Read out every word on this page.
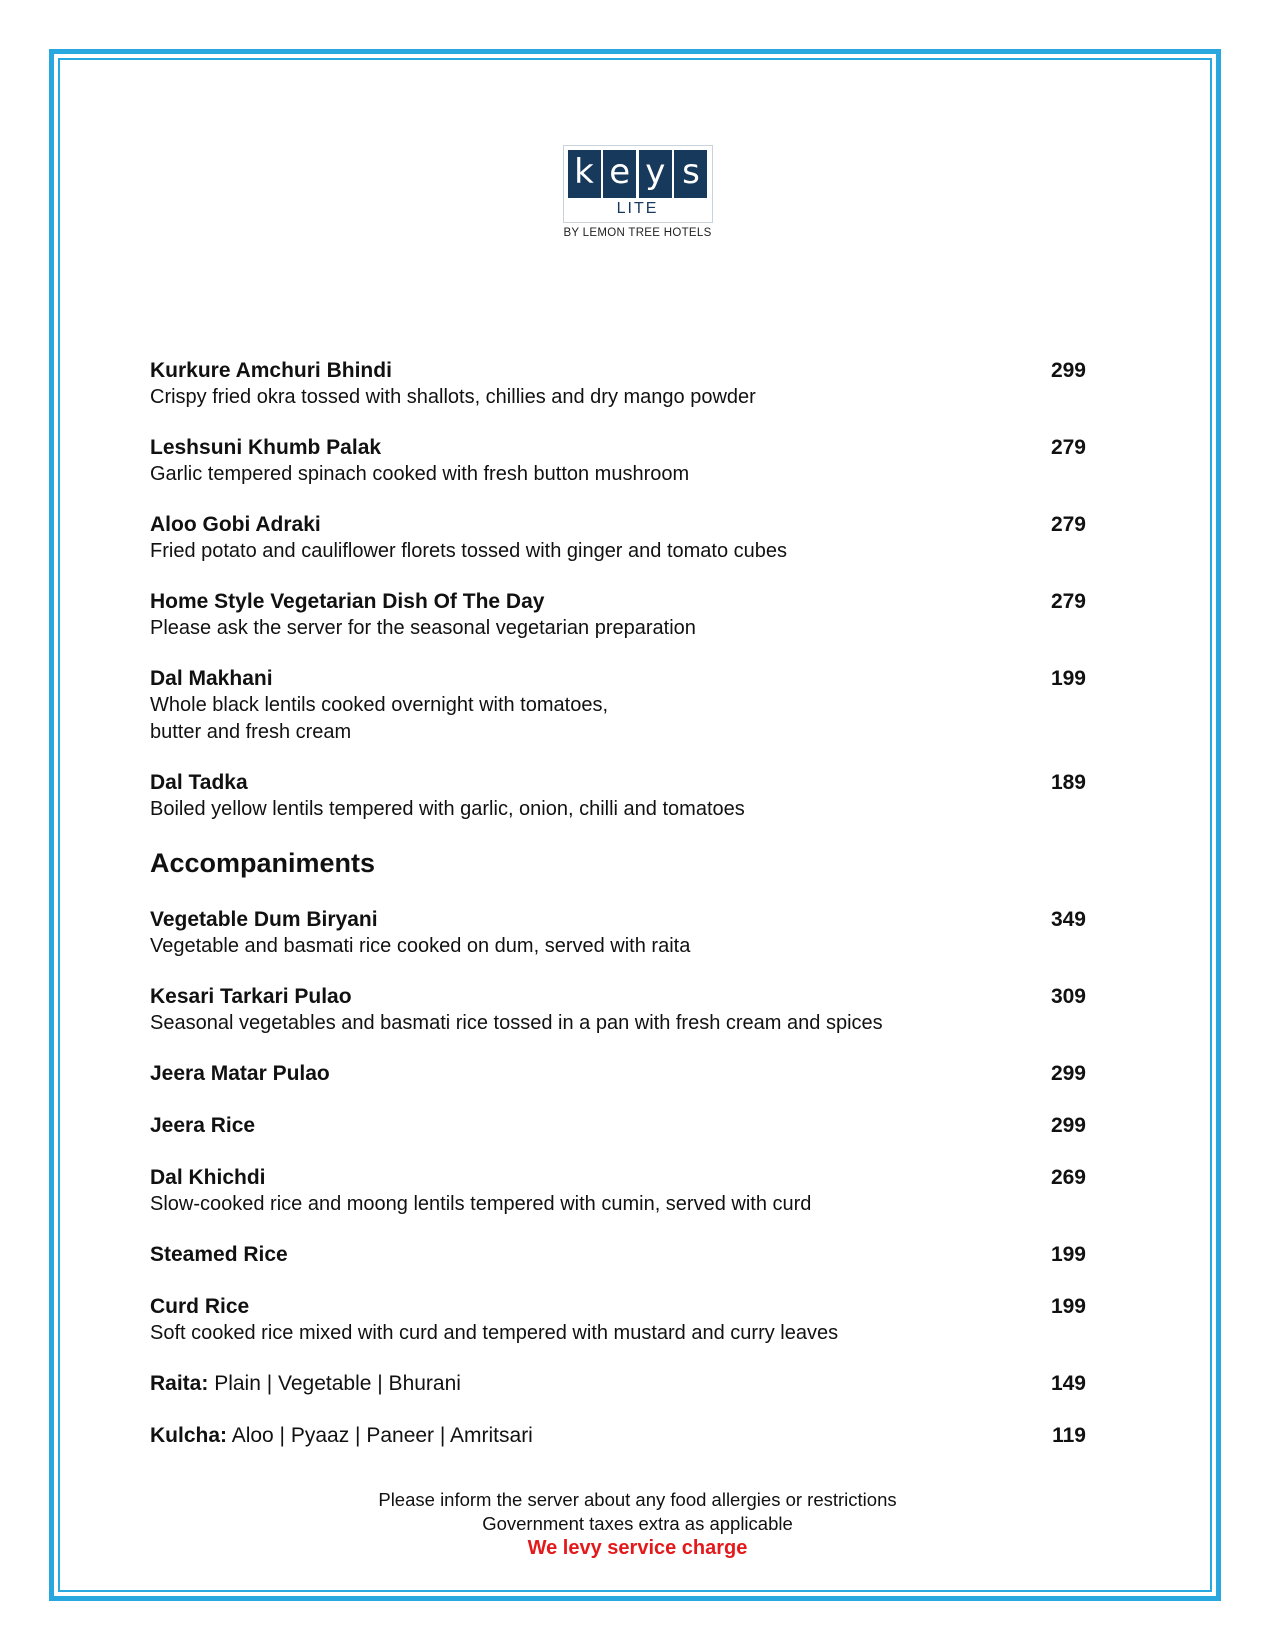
k e y s
LITE
BY LEMON TREE HOTELS
Kurkure Amchuri Bhindi	299
Crispy fried okra tossed with shallots, chillies and dry mango powder
Leshsuni Khumb Palak	279
Garlic tempered spinach cooked with fresh button mushroom
Aloo Gobi Adraki	279
Fried potato and cauliflower florets tossed with ginger and tomato cubes
Home Style Vegetarian Dish Of The Day	279
Please ask the server for the seasonal vegetarian preparation
Dal Makhani	199
Whole black lentils cooked overnight with tomatoes,
butter and fresh cream
Dal Tadka	189
Boiled yellow lentils tempered with garlic, onion, chilli and tomatoes
Accompaniments
Vegetable Dum Biryani	349
Vegetable and basmati rice cooked on dum, served with raita
Kesari Tarkari Pulao	309
Seasonal vegetables and basmati rice tossed in a pan with fresh cream and spices
Jeera Matar Pulao	299
Jeera Rice	299
Dal Khichdi	269
Slow-cooked rice and moong lentils tempered with cumin, served with curd
Steamed Rice	199
Curd Rice	199
Soft cooked rice mixed with curd and tempered with mustard and curry leaves
Raita: Plain | Vegetable | Bhurani	149
Kulcha: Aloo | Pyaaz | Paneer | Amritsari	119
Please inform the server about any food allergies or restrictions
Government taxes extra as applicable
We levy service charge
